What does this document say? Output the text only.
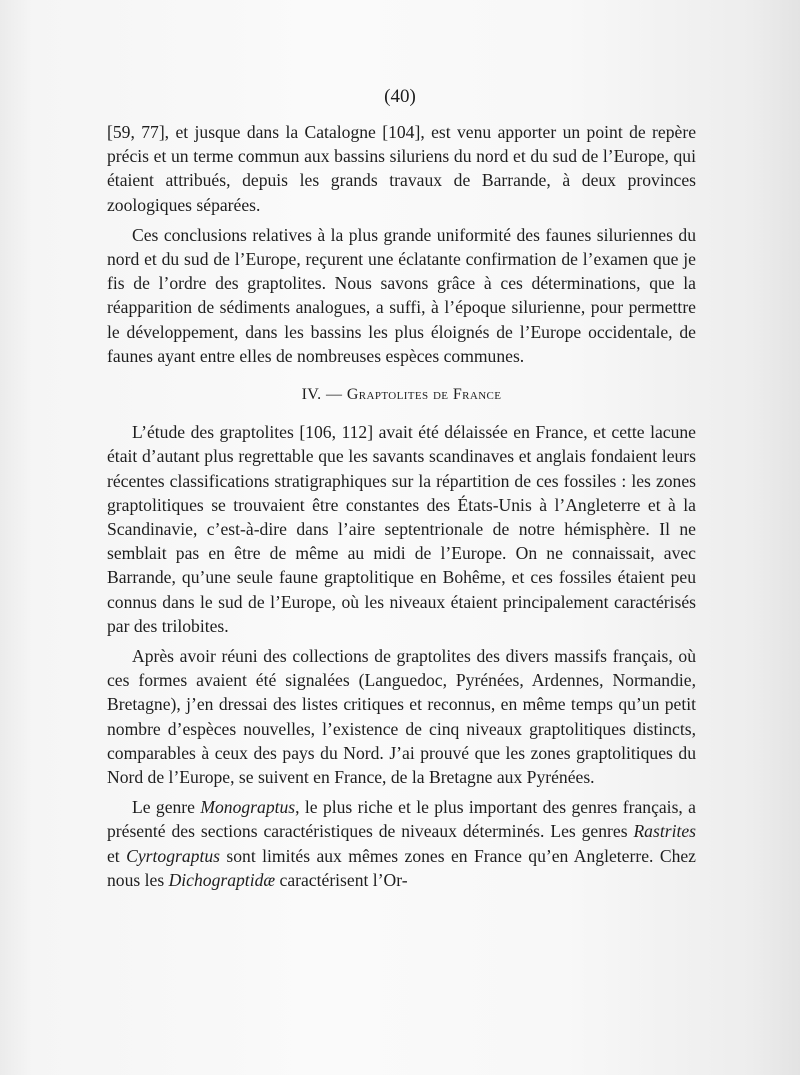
(40)

[59, 77], et jusque dans la Catalogne [104], est venu apporter un point de repère précis et un terme commun aux bassins siluriens du nord et du sud de l’Europe, qui étaient attribués, depuis les grands travaux de Barrande, à deux provinces zoologiques séparées.

Ces conclusions relatives à la plus grande uniformité des faunes siluriennes du nord et du sud de l’Europe, reçurent une éclatante confirmation de l’examen que je fis de l’ordre des graptolites. Nous savons grâce à ces déterminations, que la réapparition de sédiments analogues, a suffi, à l’époque silurienne, pour permettre le développement, dans les bassins les plus éloignés de l’Europe occidentale, de faunes ayant entre elles de nombreuses espèces communes.

IV. — Graptolites de France

L’étude des graptolites [106, 112] avait été délaissée en France, et cette lacune était d’autant plus regrettable que les savants scandinaves et anglais fondaient leurs récentes classifications stratigraphiques sur la répartition de ces fossiles : les zones graptolitiques se trouvaient être constantes des États-Unis à l’Angleterre et à la Scandinavie, c’est-à-dire dans l’aire septentrionale de notre hémisphère. Il ne semblait pas en être de même au midi de l’Europe. On ne connaissait, avec Barrande, qu’une seule faune graptolitique en Bohême, et ces fossiles étaient peu connus dans le sud de l’Europe, où les niveaux étaient principalement caractérisés par des trilobites.

Après avoir réuni des collections de graptolites des divers massifs français, où ces formes avaient été signalées (Languedoc, Pyrénées, Ardennes, Normandie, Bretagne), j’en dressai des listes critiques et reconnus, en même temps qu’un petit nombre d’espèces nouvelles, l’existence de cinq niveaux graptolitiques distincts, comparables à ceux des pays du Nord. J’ai prouvé que les zones graptolitiques du Nord de l’Europe, se suivent en France, de la Bretagne aux Pyrénées.

Le genre Monograptus, le plus riche et le plus important des genres français, a présenté des sections caractéristiques de niveaux déterminés. Les genres Rastrites et Cyrtograptus sont limités aux mêmes zones en France qu’en Angleterre. Chez nous les Dichograptidæ caractérisent l’Or-
